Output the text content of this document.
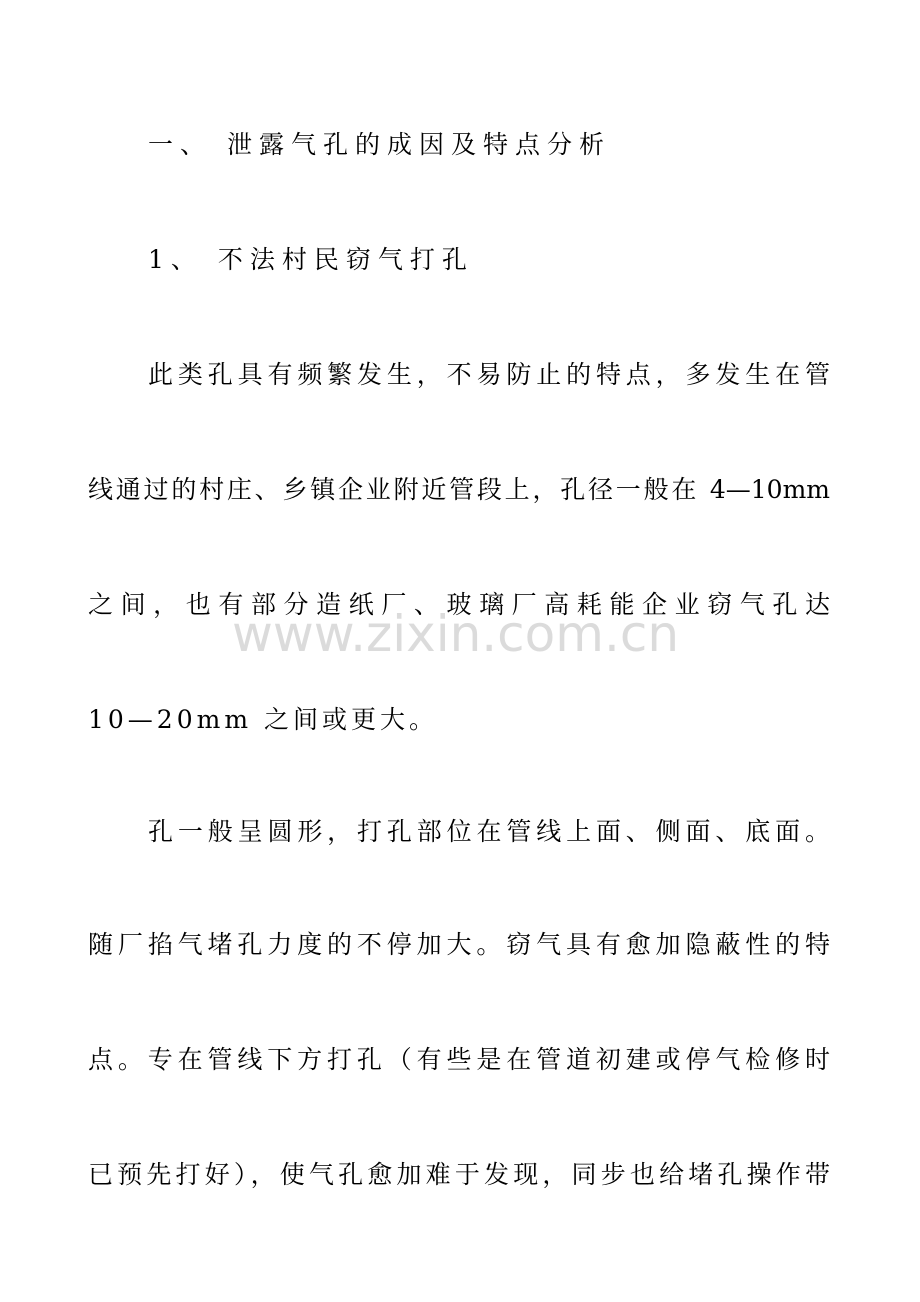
一、 泄露气孔的成因及特点分析
1、 不法村民窃气打孔
此类孔具有频繁发生，不易防止的特点，多发生在管
线通过的村庄、乡镇企业附近管段上，孔径一般在 4—10mm
之间，也有部分造纸厂、玻璃厂高耗能企业窃气孔达
10—20mm 之间或更大。
孔一般呈圆形，打孔部位在管线上面、侧面、底面。
随厂掐气堵孔力度的不停加大。窃气具有愈加隐蔽性的特
点。专在管线下方打孔（有些是在管道初建或停气检修时
已预先打好），使气孔愈加难于发现，同步也给堵孔操作带
www.zixin.com.cn
